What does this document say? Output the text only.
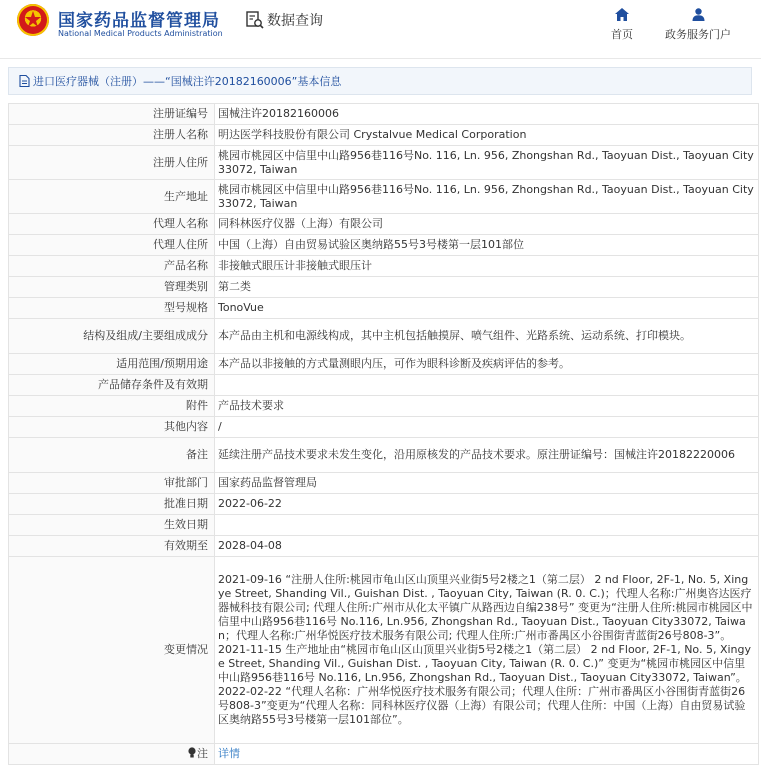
国家药品监督管理局
National Medical Products Administration
数据查询
首页	政务服务门户
进口医疗器械（注册）——“国械注许20182160006”基本信息
注册证编号	国械注许20182160006
注册人名称	明达医学科技股份有限公司 Crystalvue Medical Corporation
注册人住所	桃园市桃园区中信里中山路956巷116号No. 116, Ln. 956, Zhongshan Rd., Taoyuan Dist., Taoyuan City 33072, Taiwan
生产地址	桃园市桃园区中信里中山路956巷116号No. 116, Ln. 956, Zhongshan Rd., Taoyuan Dist., Taoyuan City 33072, Taiwan
代理人名称	同科林医疗仪器（上海）有限公司
代理人住所	中国（上海）自由贸易试验区奥纳路55号3号楼第一层101部位
产品名称	非接触式眼压计非接触式眼压计
管理类别	第二类
型号规格	TonoVue
结构及组成/主要组成成分	本产品由主机和电源线构成，其中主机包括触摸屏、喷气组件、光路系统、运动系统、打印模块。
适用范围/预期用途	本产品以非接触的方式量测眼内压，可作为眼科诊断及疾病评估的参考。
产品储存条件及有效期	
附件	产品技术要求
其他内容	/
备注	延续注册产品技术要求未发生变化，沿用原核发的产品技术要求。原注册证编号：国械注许20182220006
审批部门	国家药品监督管理局
批准日期	2022-06-22
生效日期	
有效期至	2028-04-08
变更情况	2021-09-16 “注册人住所:桃园市龟山区山顶里兴业街5号2楼之1（第二层） 2 nd Floor, 2F-1, No. 5, Xingye Street, Shanding Vil., Guishan Dist. , Taoyuan City, Taiwan (R. 0. C.)；代理人名称:广州奥咨达医疗器械科技有限公司; 代理人住所:广州市从化太平镇广从路西边自编238号” 变更为“注册人住所:桃园市桃园区中信里中山路956巷116号 No.116, Ln.956, Zhongshan Rd., Taoyuan Dist., Taoyuan City33072, Taiwan；代理人名称:广州华悦医疗技术服务有限公司; 代理人住所:广州市番禺区小谷围街青蓝街26号808-3”。
2021-11-15 生产地址由“桃园市龟山区山顶里兴业街5号2楼之1（第二层） 2 nd Floor, 2F-1, No. 5, Xingye Street, Shanding Vil., Guishan Dist. , Taoyuan City, Taiwan (R. 0. C.)” 变更为“桃园市桃园区中信里中山路956巷116号 No.116, Ln.956, Zhongshan Rd., Taoyuan Dist., Taoyuan City33072, Taiwan”。
2022-02-22 “代理人名称：广州华悦医疗技术服务有限公司；代理人住所：广州市番禺区小谷围街青蓝街26号808-3”变更为“代理人名称：同科林医疗仪器（上海）有限公司；代理人住所：中国（上海）自由贸易试验区奥纳路55号3号楼第一层101部位”。
注	详情
